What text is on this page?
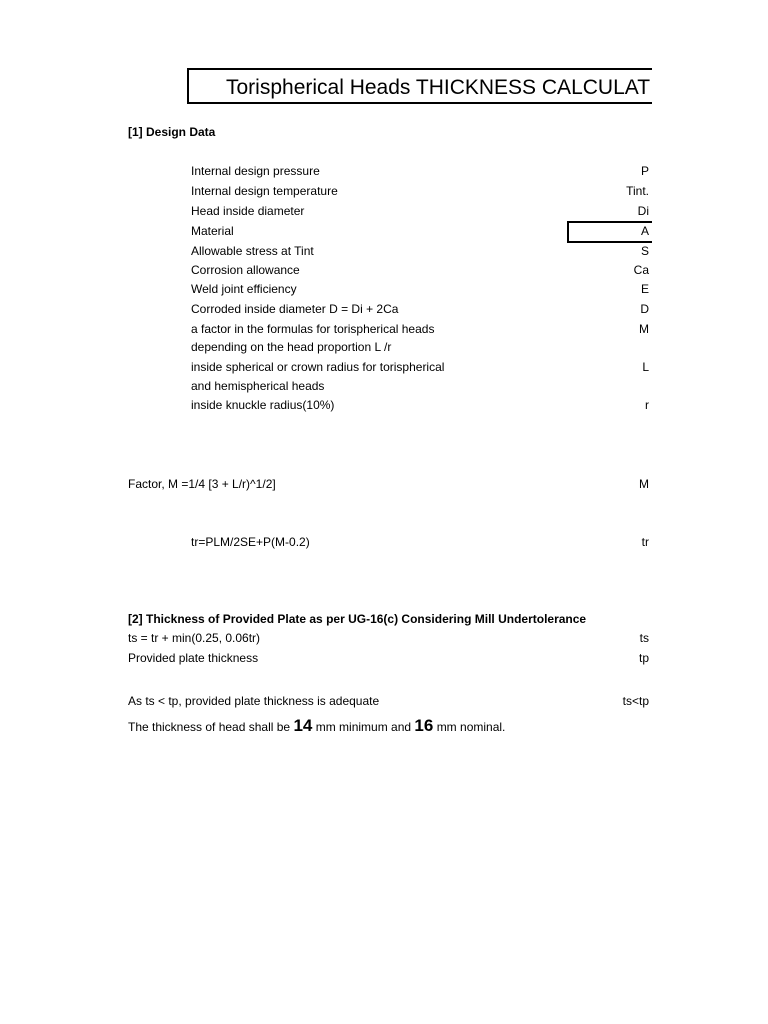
Torispherical Heads THICKNESS CALCULAT
[1] Design Data
Internal design pressure	P
Internal design temperature	Tint.
Head inside diameter	Di
Material	A
Allowable stress at Tint	S
Corrosion allowance	Ca
Weld joint efficiency	E
Corroded inside diameter D = Di + 2Ca	D
a factor in the formulas for torispherical heads	M
depending on the head proportion L /r
inside spherical or crown radius for torispherical	L
and hemispherical heads
inside knuckle radius(10%)	r
Factor, M =1/4 [3 + L/r)^1/2]	M
tr=PLM/2SE+P(M-0.2)	tr
[2] Thickness of Provided Plate as per UG-16(c) Considering Mill Undertolerance
ts = tr + min(0.25, 0.06tr)	ts
Provided plate thickness	tp
As ts < tp, provided plate thickness is adequate	ts<tp
The thickness of head shall be 14 mm minimum and 16 mm nominal.
